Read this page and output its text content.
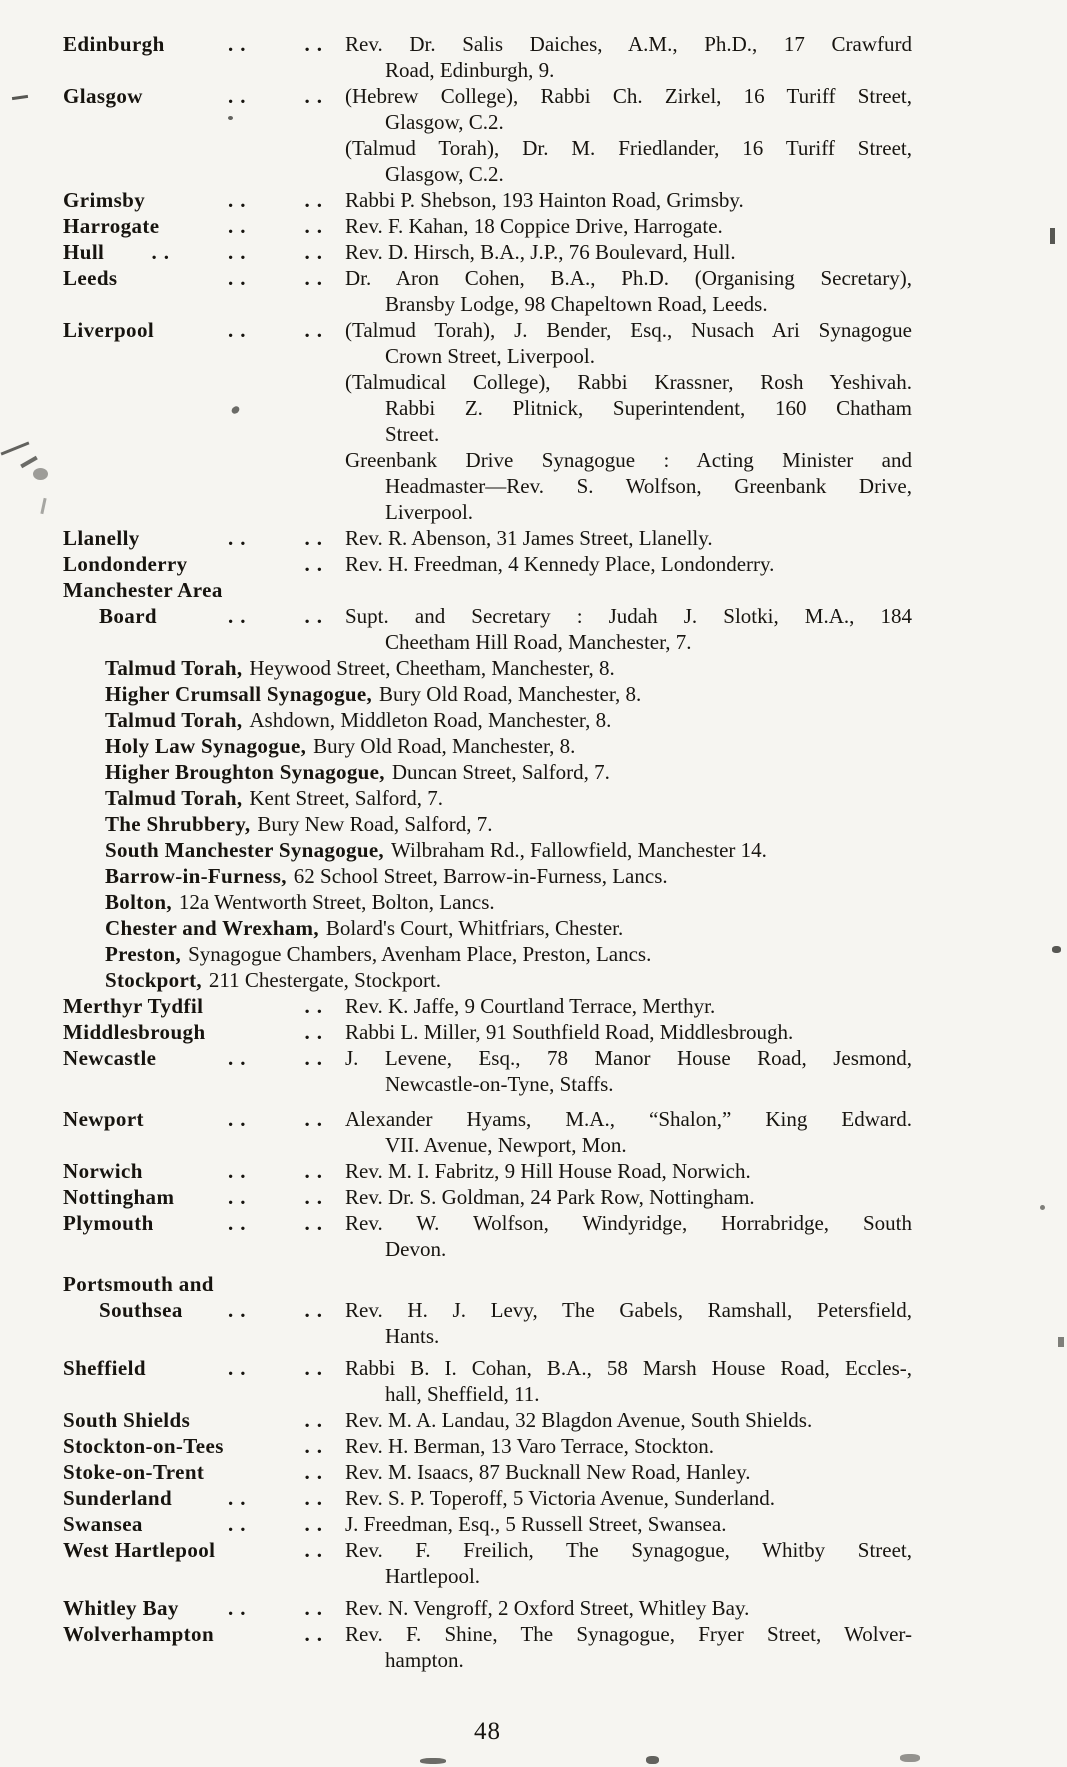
Edinburgh	.. .. Rev. Dr. Salis Daiches, A.M., Ph.D., 17 Crawfurd
Road, Edinburgh, 9.
Glasgow	.. .. (Hebrew College), Rabbi Ch. Zirkel, 16 Turiff Street,
Glasgow, C.2.
(Talmud Torah), Dr. M. Friedlander, 16 Turiff Street,
Glasgow, C.2.
Grimsby	.. .. Rabbi P. Shebson, 193 Hainton Road, Grimsby.
Harrogate	.. .. Rev. F. Kahan, 18 Coppice Drive, Harrogate.
Hull .. .. .. Rev. D. Hirsch, B.A., J.P., 76 Boulevard, Hull.
Leeds	.. .. Dr. Aron Cohen, B.A., Ph.D. (Organising Secretary),
Bransby Lodge, 98 Chapeltown Road, Leeds.
Liverpool	.. .. (Talmud Torah), J. Bender, Esq., Nusach Ari Synagogue
Crown Street, Liverpool.
(Talmudical College), Rabbi Krassner, Rosh Yeshivah.
Rabbi Z. Plitnick, Superintendent, 160 Chatham
Street.
Greenbank Drive Synagogue : Acting Minister and
Headmaster—Rev. S. Wolfson, Greenbank Drive,
Liverpool.
Llanelly	.. .. Rev. R. Abenson, 31 James Street, Llanelly.
Londonderry	.. Rev. H. Freedman, 4 Kennedy Place, Londonderry.
Manchester Area
Board	.. .. Supt. and Secretary : Judah J. Slotki, M.A., 184
Cheetham Hill Road, Manchester, 7.
Talmud Torah, Heywood Street, Cheetham, Manchester, 8.
Higher Crumsall Synagogue, Bury Old Road, Manchester, 8.
Talmud Torah, Ashdown, Middleton Road, Manchester, 8.
Holy Law Synagogue, Bury Old Road, Manchester, 8.
Higher Broughton Synagogue, Duncan Street, Salford, 7.
Talmud Torah, Kent Street, Salford, 7.
The Shrubbery, Bury New Road, Salford, 7.
South Manchester Synagogue, Wilbraham Rd., Fallowfield, Manchester 14.
Barrow-in-Furness, 62 School Street, Barrow-in-Furness, Lancs.
Bolton, 12a Wentworth Street, Bolton, Lancs.
Chester and Wrexham, Bolard's Court, Whitfriars, Chester.
Preston, Synagogue Chambers, Avenham Place, Preston, Lancs.
Stockport, 211 Chestergate, Stockport.
Merthyr Tydfil	.. Rev. K. Jaffe, 9 Courtland Terrace, Merthyr.
Middlesbrough	.. Rabbi L. Miller, 91 Southfield Road, Middlesbrough.
Newcastle	.. .. J. Levene, Esq., 78 Manor House Road, Jesmond,
Newcastle-on-Tyne, Staffs.
Newport	.. .. Alexander Hyams, M.A., “Shalon,” King Edward.
VII. Avenue, Newport, Mon.
Norwich	.. .. Rev. M. I. Fabritz, 9 Hill House Road, Norwich.
Nottingham	.. .. Rev. Dr. S. Goldman, 24 Park Row, Nottingham.
Plymouth	.. .. Rev. W. Wolfson, Windyridge, Horrabridge, South
Devon.
Portsmouth and
Southsea .. .. Rev. H. J. Levy, The Gabels, Ramshall, Petersfield,
Hants.
Sheffield	.. .. Rabbi B. I. Cohan, B.A., 58 Marsh House Road, Eccles-,
hall, Sheffield, 11.
South Shields	.. Rev. M. A. Landau, 32 Blagdon Avenue, South Shields.
Stockton-on-Tees	.. Rev. H. Berman, 13 Varo Terrace, Stockton.
Stoke-on-Trent	.. Rev. M. Isaacs, 87 Bucknall New Road, Hanley.
Sunderland	.. .. Rev. S. P. Toperoff, 5 Victoria Avenue, Sunderland.
Swansea	.. .. J. Freedman, Esq., 5 Russell Street, Swansea.
West Hartlepool	.. Rev. F. Freilich, The Synagogue, Whitby Street,
Hartlepool.
Whitley Bay .. .. Rev. N. Vengroff, 2 Oxford Street, Whitley Bay.
Wolverhampton	.. Rev. F. Shine, The Synagogue, Fryer Street, Wolver-
hampton.
48
